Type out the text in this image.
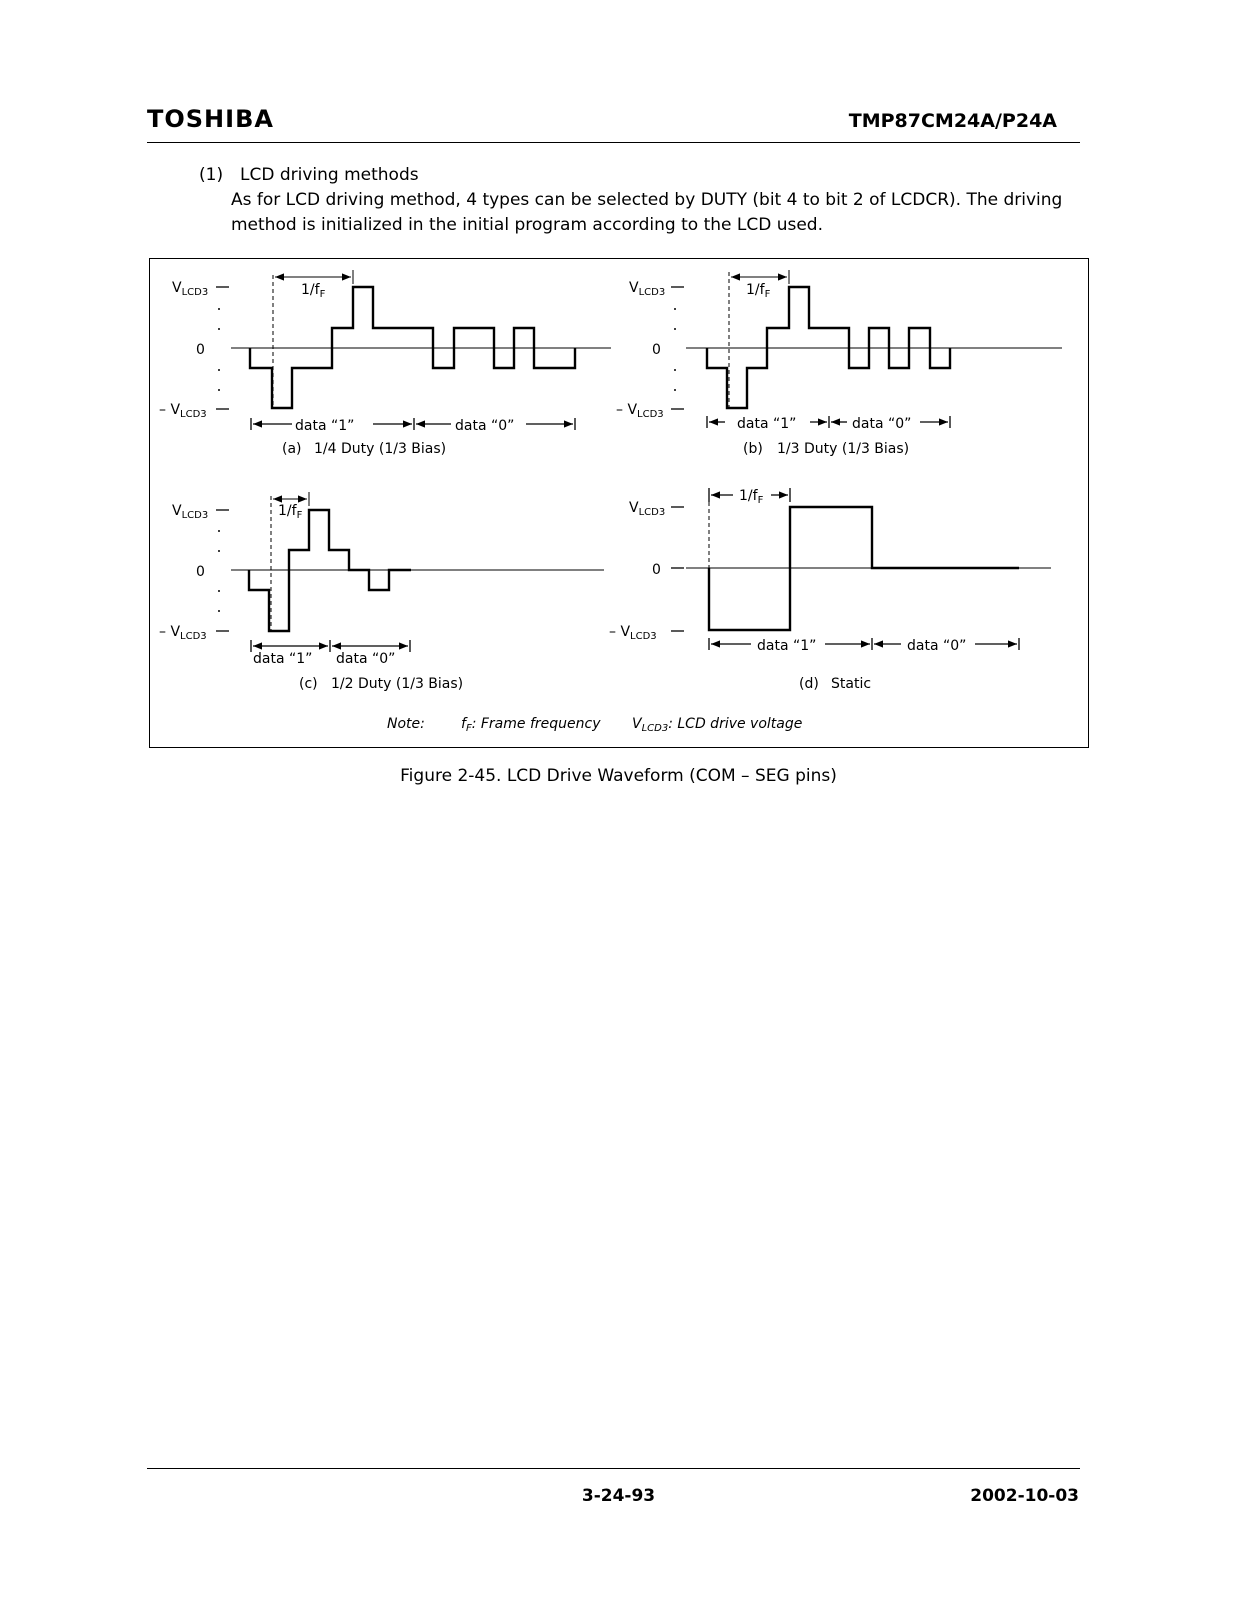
TOSHIBA	TMP87CM24A/P24A
(1) LCD driving methods
As for LCD driving method, 4 types can be selected by DUTY (bit 4 to bit 2 of LCDCR). The driving method is initialized in the initial program according to the LCD used.
$V_{LCD3}$
0
– $V_{LCD3}$
$1/f_F$
data “1”	data “0”
(a) 1/4 Duty (1/3 Bias)
$V_{LCD3}$
0
– $V_{LCD3}$
$1/f_F$
data “1”	data “0”
(b) 1/3 Duty (1/3 Bias)
$V_{LCD3}$
0
– $V_{LCD3}$
$1/f_F$
data “1” data “0”
(c) 1/2 Duty (1/3 Bias)
$V_{LCD3}$
0
– $V_{LCD3}$
$1/f_F$
data “1”	data “0”
(d) Static
Note:	$f_F$: Frame frequency $V_{LCD3}$: LCD drive voltage
Figure 2-45. LCD Drive Waveform (COM – SEG pins)
3-24-93	2002-10-03
